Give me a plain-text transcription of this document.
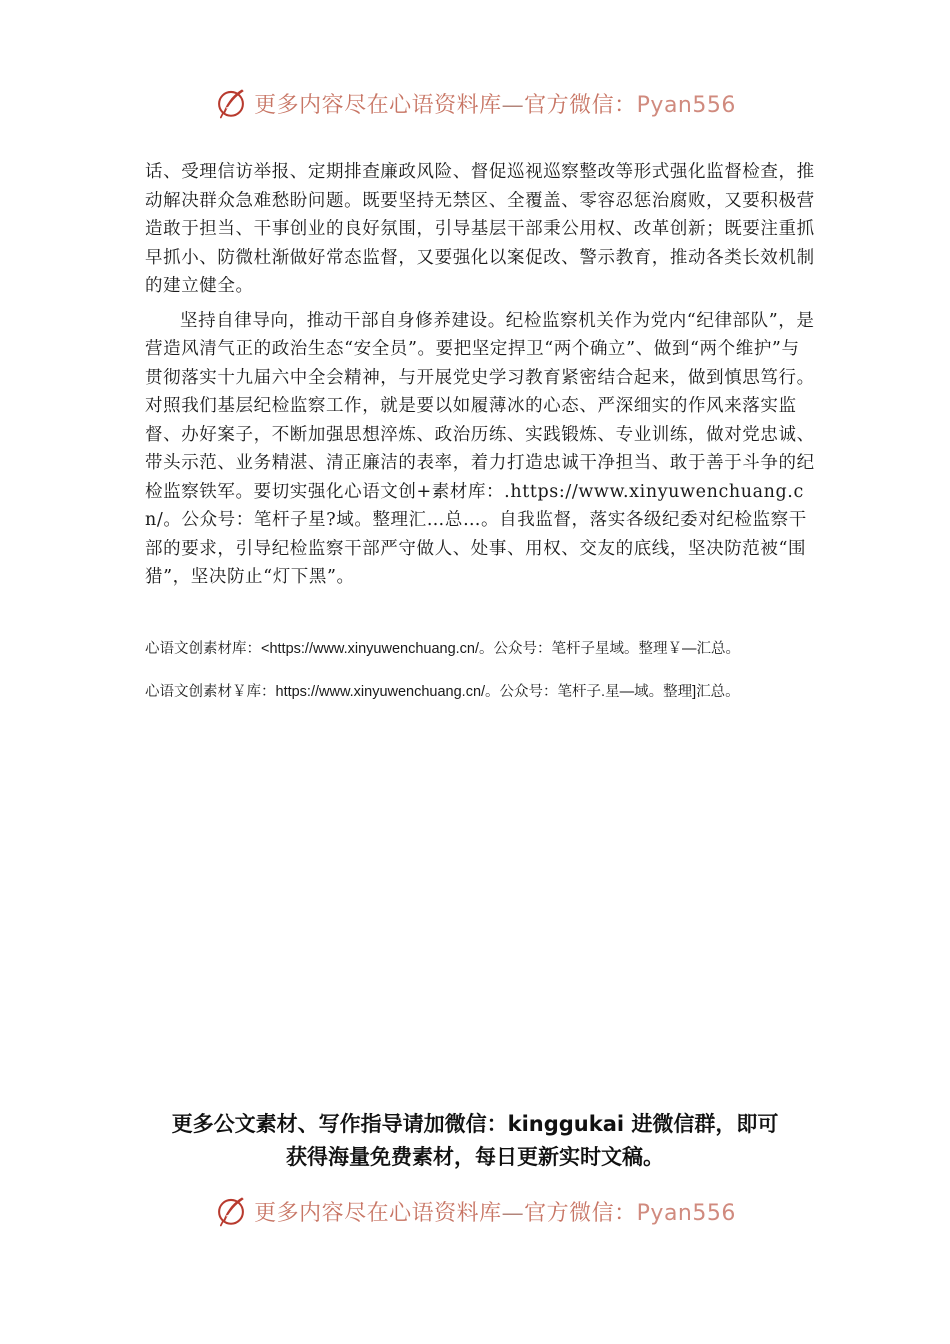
更多内容尽在心语资料库—官方微信：Pyan556

话、受理信访举报、定期排查廉政风险、督促巡视巡察整改等形式强化监督检查，推动解决群众急难愁盼问题。既要坚持无禁区、全覆盖、零容忍惩治腐败，又要积极营造敢于担当、干事创业的良好氛围，引导基层干部秉公用权、改革创新；既要注重抓早抓小、防微杜渐做好常态监督，又要强化以案促改、警示教育，推动各类长效机制的建立健全。

坚持自律导向，推动干部自身修养建设。纪检监察机关作为党内“纪律部队”，是营造风清气正的政治生态“安全员”。要把坚定捍卫“两个确立”、做到“两个维护”与贯彻落实十九届六中全会精神，与开展党史学习教育紧密结合起来，做到慎思笃行。对照我们基层纪检监察工作，就是要以如履薄冰的心态、严深细实的作风来落实监督、办好案子，不断加强思想淬炼、政治历练、实践锻炼、专业训练，做对党忠诚、带头示范、业务精湛、清正廉洁的表率，着力打造忠诚干净担当、敢于善于斗争的纪检监察铁军。要切实强化心语文创+素材库：.https://www.xinyuwenchuang.cn/。公众号：笔杆子星?域。整理汇…总…。自我监督，落实各级纪委对纪检监察干部的要求，引导纪检监察干部严守做人、处事、用权、交友的底线，坚决防范被“围猎”，坚决防止“灯下黑”。

心语文创素材库：<https://www.xinyuwenchuang.cn/。公众号：笔杆子星域。整理￥—汇总。
心语文创素材￥库：https://www.xinyuwenchuang.cn/。公众号：笔杆子.星—域。整理]汇总。
更多公文素材、写作指导请加微信：kinggukai 进微信群，即可
获得海量免费素材，每日更新实时文稿。
更多内容尽在心语资料库—官方微信：Pyan556
